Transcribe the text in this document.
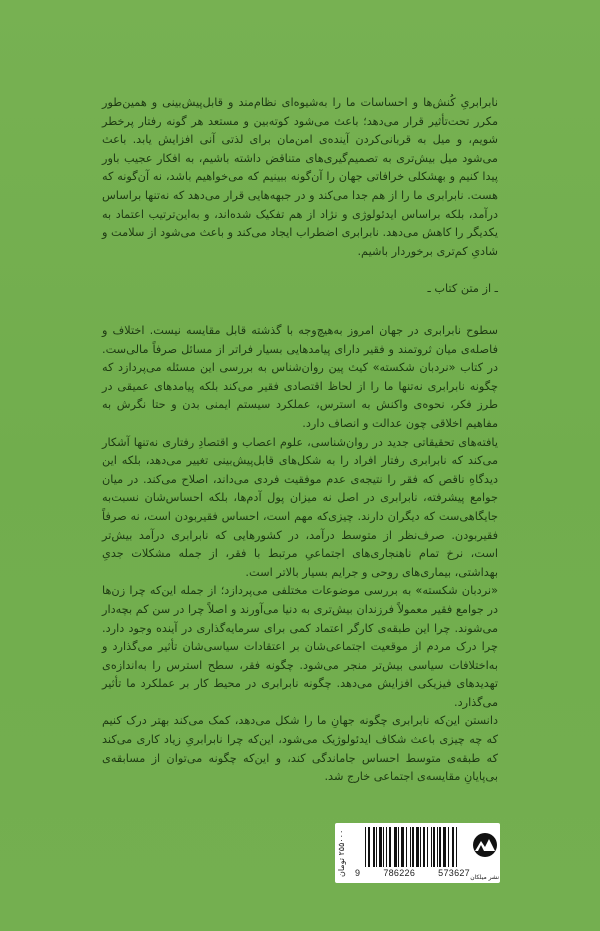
نابرابریِ کُنش‌ها و احساسات ما را به‌شیوه‌ای نظام‌مند و قابل‌پیش‌بینی و همین‌طور مکرر تحت‌تأثیر قرار می‌دهد؛ باعث می‌شود کوته‌بین و مستعد هر گونه رفتار پرخطر شویم، و میل به قربانی‌کردن آینده‌ی امن‌مان برای لذتی آنی افزایش یابد. باعث می‌شود میل بیش‌تری به تصمیم‌گیری‌های متناقض داشته باشیم، به افکار عجیب باور پیدا کنیم و بهشکلی خرافاتی جهان را آن‌گونه ببینیم که می‌خواهیم باشد، نه آن‌گونه که هست. نابرابری ما را از هم جدا می‌کند و در جبهه‌هایی قرار می‌دهد که نه‌تنها براساس درآمد، بلکه براساس ایدئولوژی و نژاد از هم تفکیک شده‌اند، و به‌این‌ترتیب اعتماد به یکدیگر را کاهش می‌دهد. نابرابری اضطراب ایجاد می‌کند و باعث می‌شود از سلامت و شادیِ کم‌تری برخوردار باشیم.
ـ از متن کتاب ـ

سطوح نابرابری در جهان امروز به‌هیچ‌وجه با گذشته قابل مقایسه نیست. اختلاف و فاصله‌ی میان ثروتمند و فقیر دارای پیامدهایی بسیار فراتر از مسائل صرفاً مالی‌ست. در کتاب «نردبان شکسته» کیث پین روان‌شناس به بررسی این مسئله می‌پردازد که چگونه نابرابری نه‌تنها ما را از لحاظ اقتصادی فقیر می‌کند بلکه پیامدهای عمیقی در طرز فکر، نحوه‌ی واکنش به استرس، عملکرد سیستم ایمنی بدن و حتا نگرش به مفاهیم اخلاقی چون عدالت و انصاف دارد.

یافته‌های تحقیقاتی جدید در روان‌شناسی، علوم اعصاب و اقتصادِ رفتاری نه‌تنها آشکار می‌کند که نابرابری رفتار افراد را به شکل‌های قابل‌پیش‌بینی تغییر می‌دهد، بلکه این دیدگاهِ ناقص که فقر را نتیجه‌ی عدم موفقیت فردی می‌داند، اصلاح می‌کند. در میان جوامع پیشرفته، نابرابری در اصل نه میزان پول آدم‌ها، بلکه احساس‌شان نسبت‌به جایگاهی‌ست که دیگران دارند. چیزی‌که مهم است، احساس فقیربودن است، نه صرفاً فقیربودن. صرف‌نظر از متوسط درآمد، در کشورهایی که نابرابری درآمد بیش‌تر است، نرخ تمام ناهنجاری‌های اجتماعیِ مرتبط با فقر، از جمله مشکلات جدیِ بهداشتی، بیماری‌های روحی و جرایم بسیار بالاتر است.

«نردبان شکسته» به بررسی موضوعات مختلفی می‌پردازد؛ از جمله این‌که چرا زن‌ها در جوامع فقیر معمولاً فرزندان بیش‌تری به دنیا می‌آورند و اصلاً چرا در سن کم بچه‌دار می‌شوند. چرا این طبقه‌ی کارگر اعتماد کمی برای سرمایه‌گذاری در آینده وجود دارد. چرا درک مردم از موقعیت اجتماعی‌شان بر اعتقادات سیاسی‌شان تأثیر می‌گذارد و به‌اختلافات سیاسی بیش‌تر منجر می‌شود. چگونه فقر، سطح استرس را به‌اندازه‌ی تهدیدهای فیزیکی افزایش می‌دهد. چگونه نابرابری در محیط کار بر عملکرد ما تأثیر می‌گذارد.

دانستن این‌که نابرابری چگونه جهانِ ما را شکل می‌دهد، کمک می‌کند بهتر درک کنیم که چه چیزی باعث شکاف ایدئولوژیک می‌شود، این‌که چرا نابرابریِ زیاد کاری می‌کند که طبقه‌ی متوسط احساس جاماندگی کند، و این‌که چگونه می‌توان از مسابقه‌ی بی‌پایانِ مقایسه‌ی اجتماعی خارج شد.

۲۵۵۰۰۰ تومان
9	786226	573627 نشر میلکان
